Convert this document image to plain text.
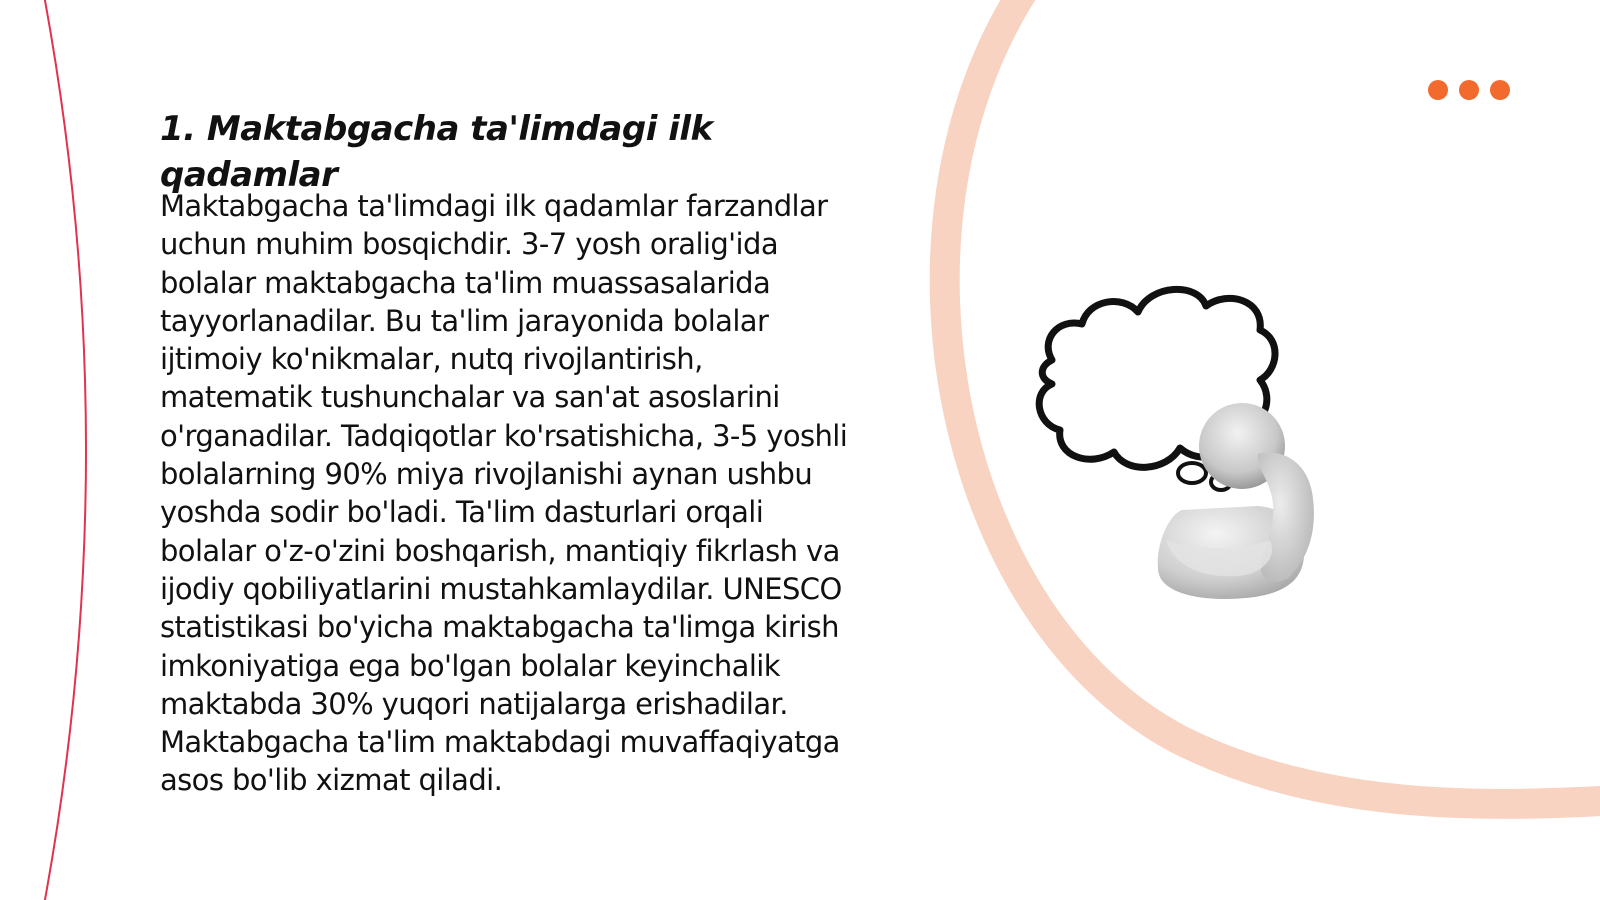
1. Maktabgacha ta'limdagi ilk qadamlar

Maktabgacha ta'limdagi ilk qadamlar farzandlar uchun muhim bosqichdir. 3-7 yosh oralig'ida bolalar maktabgacha ta'lim muassasalarida tayyorlanadilar. Bu ta'lim jarayonida bolalar ijtimoiy ko'nikmalar, nutq rivojlantirish, matematik tushunchalar va san'at asoslarini o'rganadilar. Tadqiqotlar ko'rsatishicha, 3-5 yoshli bolalarning 90% miya rivojlanishi aynan ushbu yoshda sodir bo'ladi. Ta'lim dasturlari orqali bolalar o'z-o'zini boshqarish, mantiqiy fikrlash va ijodiy qobiliyatlarini mustahkamlaydilar. UNESCO statistikasi bo'yicha maktabgacha ta'limga kirish imkoniyatiga ega bo'lgan bolalar keyinchalik maktabda 30% yuqori natijalarga erishadilar. Maktabgacha ta'lim maktabdagi muvaffaqiyatga asos bo'lib xizmat qiladi.
